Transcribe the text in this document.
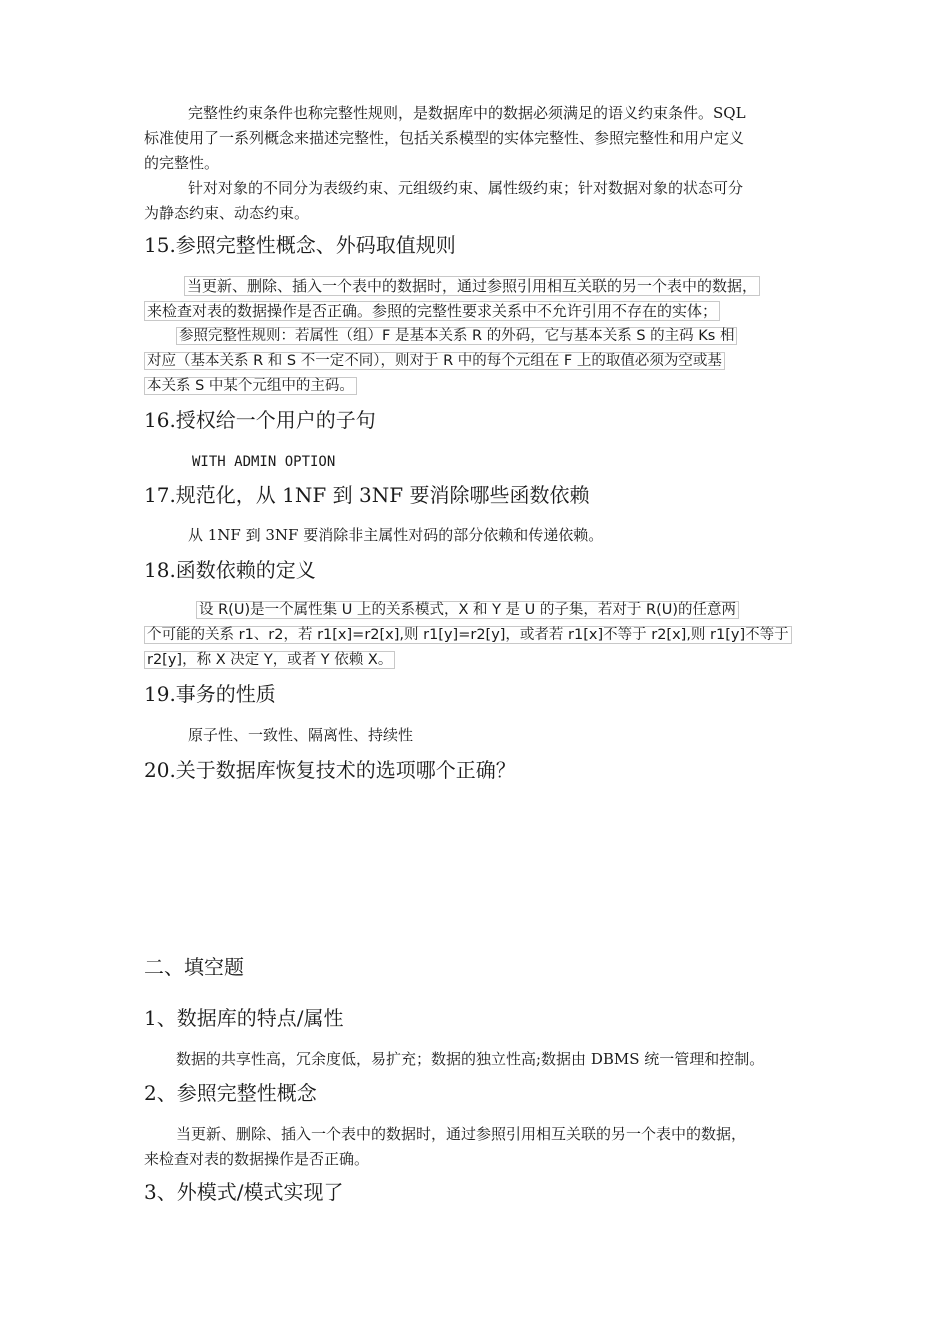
完整性约束条件也称完整性规则，是数据库中的数据必须满足的语义约束条件。SQL
标准使用了一系列概念来描述完整性，包括关系模型的实体完整性、参照完整性和用户定义
的完整性。
针对对象的不同分为表级约束、元组级约束、属性级约束；针对数据对象的状态可分
为静态约束、动态约束。
15.参照完整性概念、外码取值规则
当更新、删除、插入一个表中的数据时，通过参照引用相互关联的另一个表中的数据，
来检查对表的数据操作是否正确。参照的完整性要求关系中不允许引用不存在的实体；
参照完整性规则：若属性（组）F 是基本关系 R 的外码，它与基本关系 S 的主码 Ks 相
对应（基本关系 R 和 S 不一定不同），则对于 R 中的每个元组在 F 上的取值必须为空或基
本关系 S 中某个元组中的主码。
16.授权给一个用户的子句
WITH ADMIN OPTION
17.规范化，从 1NF 到 3NF 要消除哪些函数依赖
从 1NF 到 3NF 要消除非主属性对码的部分依赖和传递依赖。
18.函数依赖的定义
设 R(U)是一个属性集 U 上的关系模式，X 和 Y 是 U 的子集，若对于 R(U)的任意两
个可能的关系 r1、r2，若 r1[x]=r2[x],则 r1[y]=r2[y]，或者若 r1[x]不等于 r2[x],则 r1[y]不等于
r2[y]，称 X 决定 Y，或者 Y 依赖 X。
19.事务的性质
原子性、一致性、隔离性、持续性
20.关于数据库恢复技术的选项哪个正确？
二、填空题
1、数据库的特点/属性
数据的共享性高，冗余度低，易扩充；数据的独立性高;数据由 DBMS 统一管理和控制。
2、参照完整性概念
当更新、删除、插入一个表中的数据时，通过参照引用相互关联的另一个表中的数据，
来检查对表的数据操作是否正确。
3、外模式/模式实现了
